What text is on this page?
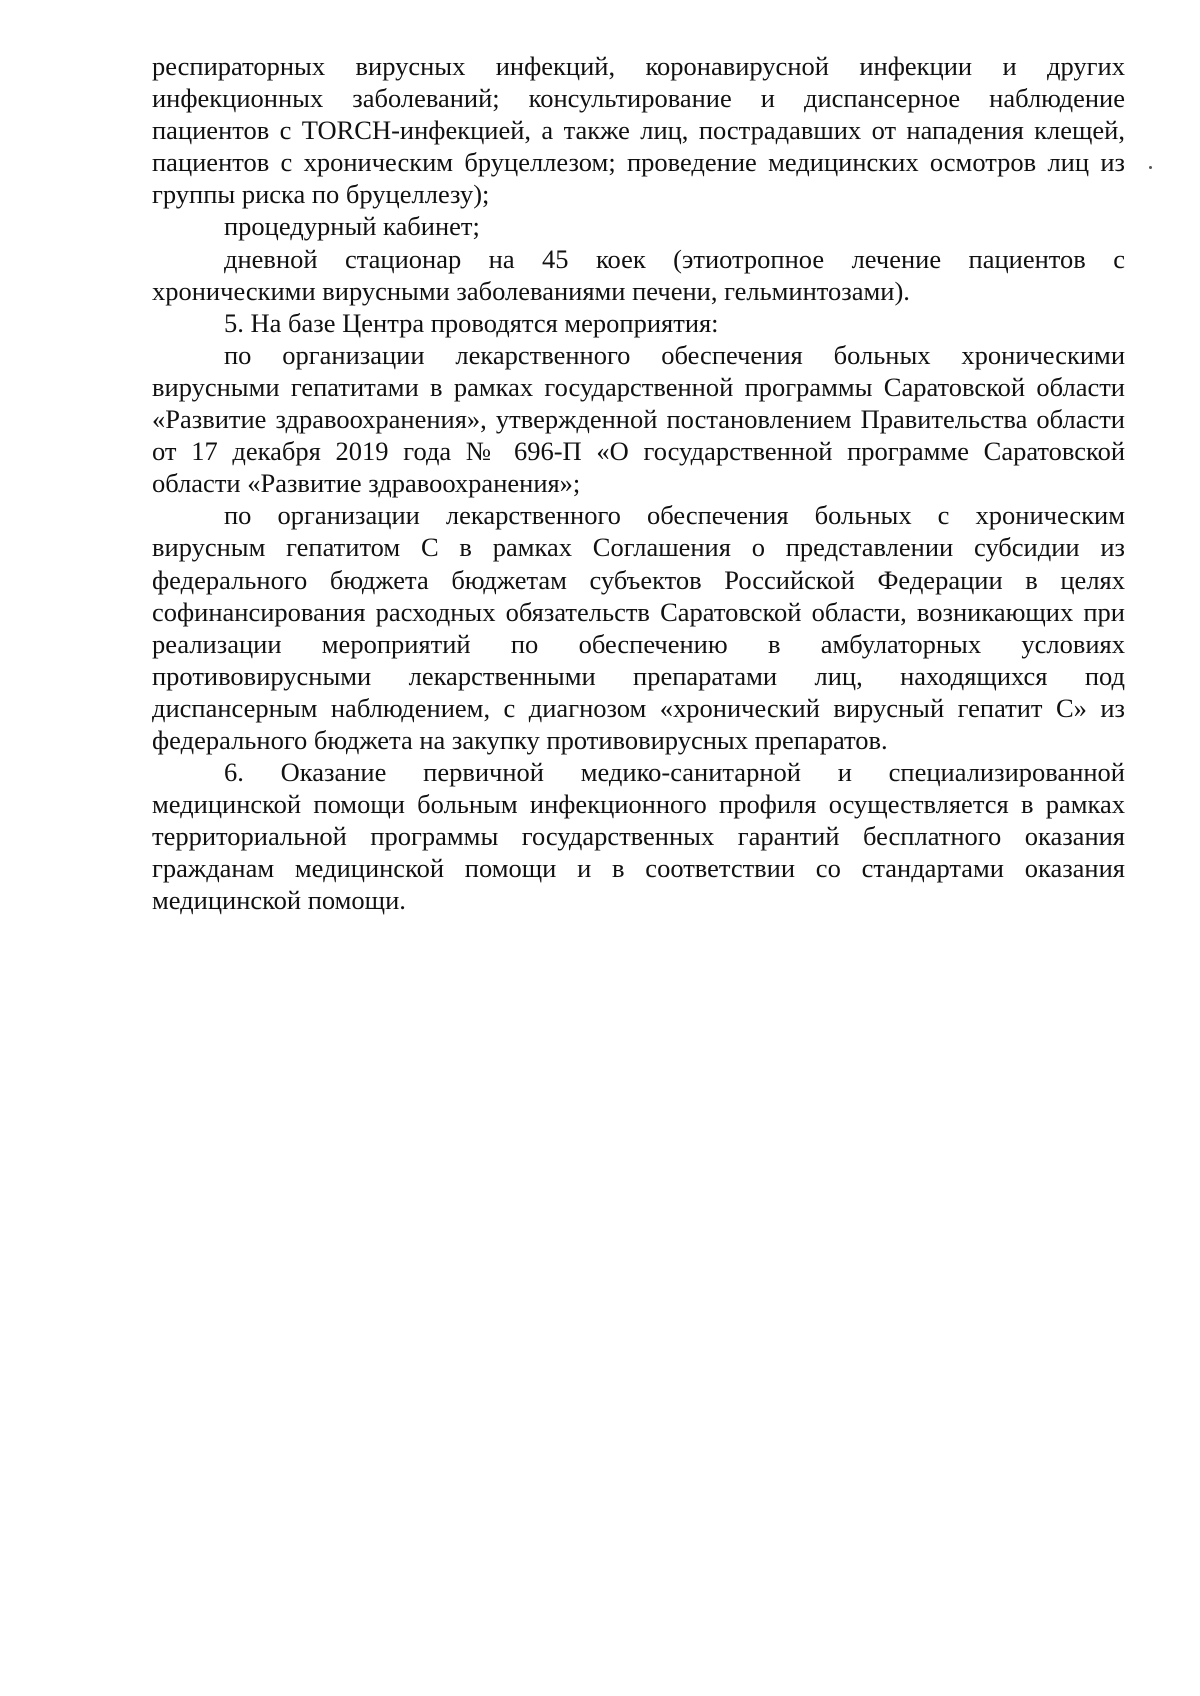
респираторных вирусных инфекций, коронавирусной инфекции и других инфекционных заболеваний; консультирование и диспансерное наблюдение пациентов с TORCH-инфекцией, а также лиц, пострадавших от нападения клещей, пациентов с хроническим бруцеллезом; проведение медицинских осмотров лиц из группы риска по бруцеллезу);

процедурный кабинет;

дневной стационар на 45 коек (этиотропное лечение пациентов с хроническими вирусными заболеваниями печени, гельминтозами).

5. На базе Центра проводятся мероприятия:

по организации лекарственного обеспечения больных хроническими вирусными гепатитами в рамках государственной программы Саратовской области «Развитие здравоохранения», утвержденной постановлением Правительства области от 17 декабря 2019 года № 696-П «О государственной программе Саратовской области «Развитие здравоохранения»;

по организации лекарственного обеспечения больных с хроническим вирусным гепатитом С в рамках Соглашения о представлении субсидии из федерального бюджета бюджетам субъектов Российской Федерации в целях софинансирования расходных обязательств Саратовской области, возникающих при реализации мероприятий по обеспечению в амбулаторных условиях противовирусными лекарственными препаратами лиц, находящихся под диспансерным наблюдением, с диагнозом «хронический вирусный гепатит С» из федерального бюджета на закупку противовирусных препаратов.

6. Оказание первичной медико-санитарной и специализированной медицинской помощи больным инфекционного профиля осуществляется в рамках территориальной программы государственных гарантий бесплатного оказания гражданам медицинской помощи и в соответствии со стандартами оказания медицинской помощи.
